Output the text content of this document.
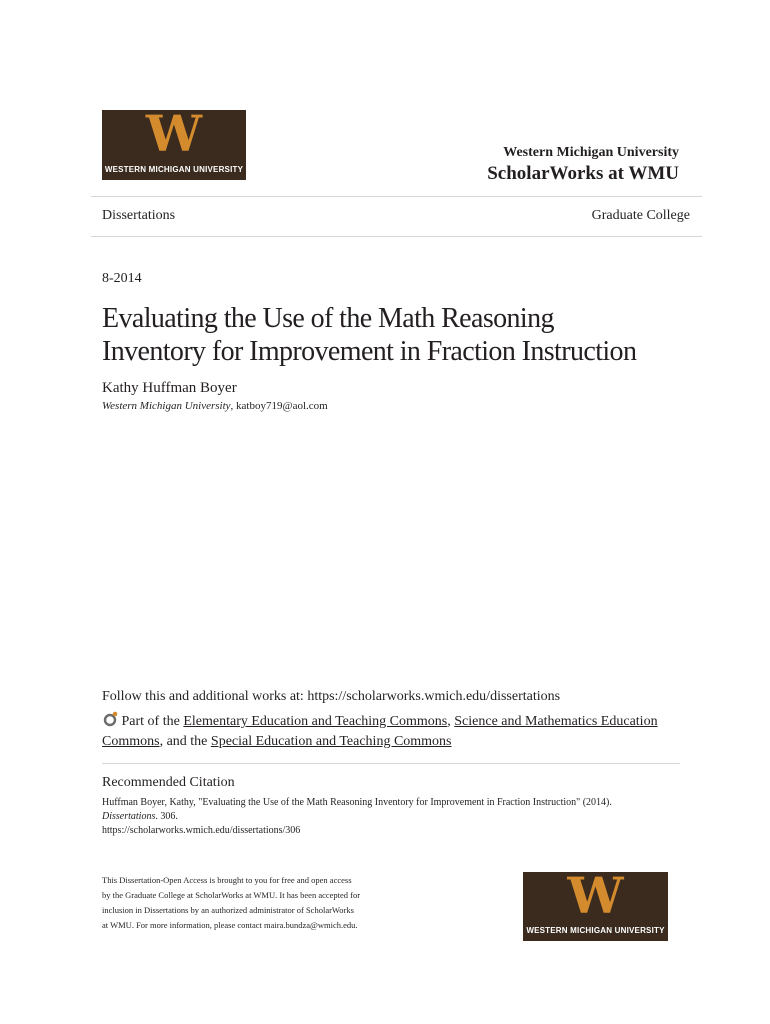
W
WESTERN MICHIGAN UNIVERSITY
Western Michigan University
ScholarWorks at WMU
Dissertations	Graduate College
8-2014
Evaluating the Use of the Math Reasoning
Inventory for Improvement in Fraction Instruction
Kathy Huffman Boyer
Western Michigan University, katboy719@aol.com
Follow this and additional works at: https://scholarworks.wmich.edu/dissertations
Part of the Elementary Education and Teaching Commons, Science and Mathematics Education
Commons, and the Special Education and Teaching Commons
Recommended Citation
Huffman Boyer, Kathy, "Evaluating the Use of the Math Reasoning Inventory for Improvement in Fraction Instruction" (2014).
Dissertations. 306.
https://scholarworks.wmich.edu/dissertations/306
This Dissertation-Open Access is brought to you for free and open access
by the Graduate College at ScholarWorks at WMU. It has been accepted for
inclusion in Dissertations by an authorized administrator of ScholarWorks
at WMU. For more information, please contact maira.bundza@wmich.edu.	W
WESTERN MICHIGAN UNIVERSITY
